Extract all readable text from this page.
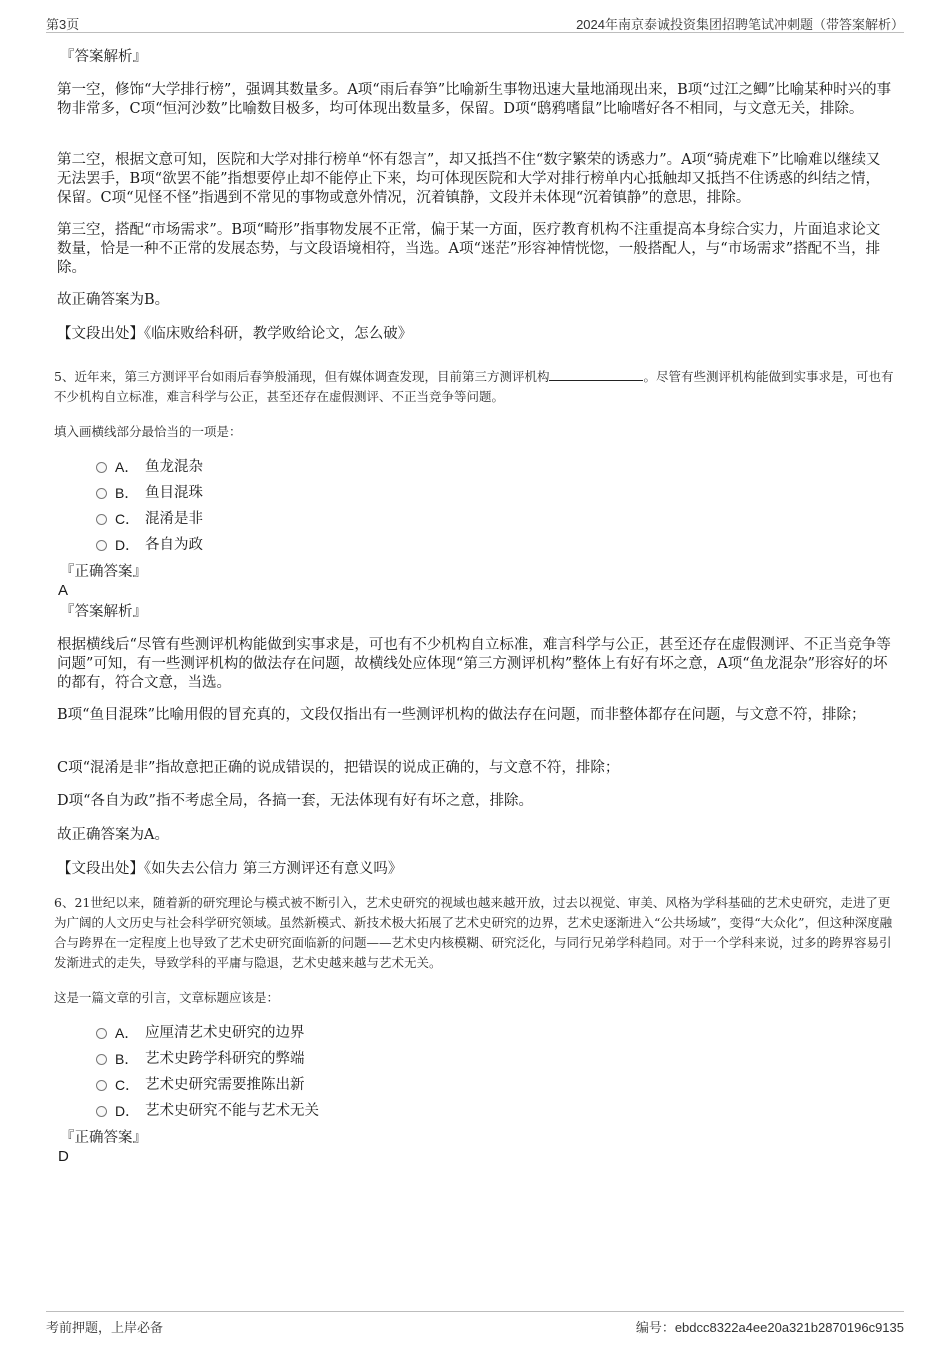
第3页	2024年南京泰诚投资集团招聘笔试冲刺题（带答案解析）
『答案解析』
第一空，修饰“大学排行榜”，强调其数量多。A项“雨后春笋”比喻新生事物迅速大量地涌现出来，B项“过江之鲫”比喻某种时兴的事物非常多，C项“恒河沙数”比喻数目极多，均可体现出数量多，保留。D项“鸱鸦嗜鼠”比喻嗜好各不相同，与文意无关，排除。
第二空，根据文意可知，医院和大学对排行榜单“怀有怨言”，却又抵挡不住“数字繁荣的诱惑力”。A项“骑虎难下”比喻难以继续又无法罢手，B项“欲罢不能”指想要停止却不能停止下来，均可体现医院和大学对排行榜单内心抵触却又抵挡不住诱惑的纠结之情，保留。C项“见怪不怪”指遇到不常见的事物或意外情况，沉着镇静，文段并未体现“沉着镇静”的意思，排除。
第三空，搭配“市场需求”。B项“畸形”指事物发展不正常，偏于某一方面，医疗教育机构不注重提高本身综合实力，片面追求论文数量，恰是一种不正常的发展态势，与文段语境相符，当选。A项“迷茫”形容神情恍惚，一般搭配人，与“市场需求”搭配不当，排除。
故正确答案为B。
【文段出处】《临床败给科研，教学败给论文，怎么破》
5、近年来，第三方测评平台如雨后春笋般涌现，但有媒体调查发现，目前第三方测评机构	。尽管有些测评机构能做到实事求是，可也有不少机构自立标准，难言科学与公正，甚至还存在虚假测评、不正当竞争等问题。
填入画横线部分最恰当的一项是：
A． 鱼龙混杂
B． 鱼目混珠
C． 混淆是非
D． 各自为政
『正确答案』
A
『答案解析』
根据横线后“尽管有些测评机构能做到实事求是，可也有不少机构自立标准，难言科学与公正，甚至还存在虚假测评、不正当竞争等问题”可知，有一些测评机构的做法存在问题，故横线处应体现“第三方测评机构”整体上有好有坏之意，A项“鱼龙混杂”形容好的坏的都有，符合文意，当选。
B项“鱼目混珠”比喻用假的冒充真的，文段仅指出有一些测评机构的做法存在问题，而非整体都存在问题，与文意不符，排除；
C项“混淆是非”指故意把正确的说成错误的，把错误的说成正确的，与文意不符，排除；
D项“各自为政”指不考虑全局，各搞一套，无法体现有好有坏之意，排除。
故正确答案为A。
【文段出处】《如失去公信力 第三方测评还有意义吗》
6、21世纪以来，随着新的研究理论与模式被不断引入，艺术史研究的视域也越来越开放，过去以视觉、审美、风格为学科基础的艺术史研究，走进了更为广阔的人文历史与社会科学研究领域。虽然新模式、新技术极大拓展了艺术史研究的边界，艺术史逐渐进入“公共场域”，变得“大众化”，但这种深度融合与跨界在一定程度上也导致了艺术史研究面临新的问题——艺术史内核模糊、研究泛化，与同行兄弟学科趋同。对于一个学科来说，过多的跨界容易引发渐进式的走失，导致学科的平庸与隐退，艺术史越来越与艺术无关。
这是一篇文章的引言，文章标题应该是：
A． 应厘清艺术史研究的边界
B． 艺术史跨学科研究的弊端
C． 艺术史研究需要推陈出新
D． 艺术史研究不能与艺术无关
『正确答案』
D
考前押题，上岸必备	编号：ebdcc8322a4ee20a321b2870196c9135
